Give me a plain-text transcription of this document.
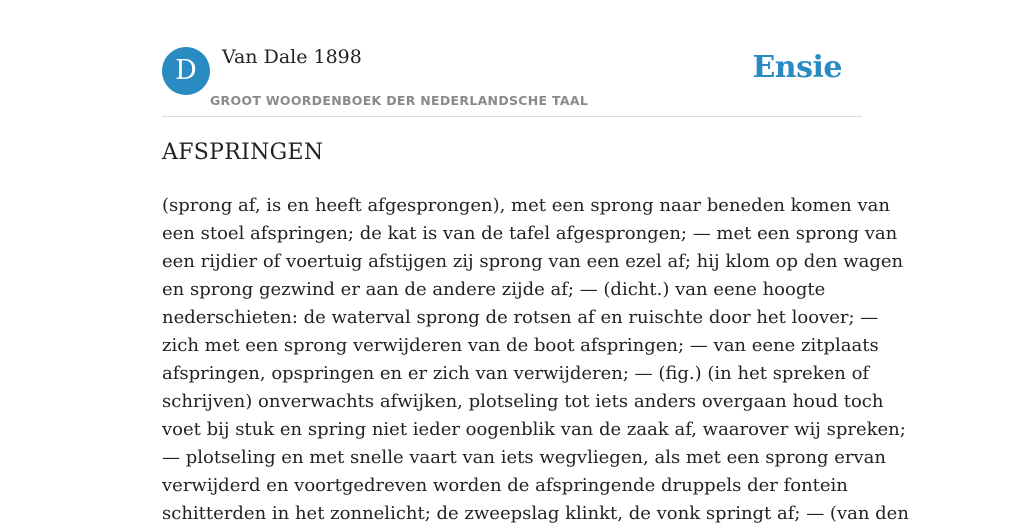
D	Van Dale 1898
GROOT WOORDENBOEK DER NEDERLANDSCHE TAAL
Ensie
AFSPRINGEN
(sprong af, is en heeft afgesprongen), met een sprong naar beneden komen van
een stoel afspringen; de kat is van de tafel afgesprongen; — met een sprong van
een rijdier of voertuig afstijgen zij sprong van een ezel af; hij klom op den wagen
en sprong gezwind er aan de andere zijde af; — (dicht.) van eene hoogte
nederschieten: de waterval sprong de rotsen af en ruischte door het loover; —
zich met een sprong verwijderen van de boot afspringen; — van eene zitplaats
afspringen, opspringen en er zich van verwijderen; — (fig.) (in het spreken of
schrijven) onverwachts afwijken, plotseling tot iets anders overgaan houd toch
voet bij stuk en spring niet ieder oogenblik van de zaak af, waarover wij spreken;
— plotseling en met snelle vaart van iets wegvliegen, als met een sprong ervan
verwijderd en voortgedreven worden de afspringende druppels der fontein
schitterden in het zonnelicht; de zweepslag klinkt, de vonk springt af; — (van den
